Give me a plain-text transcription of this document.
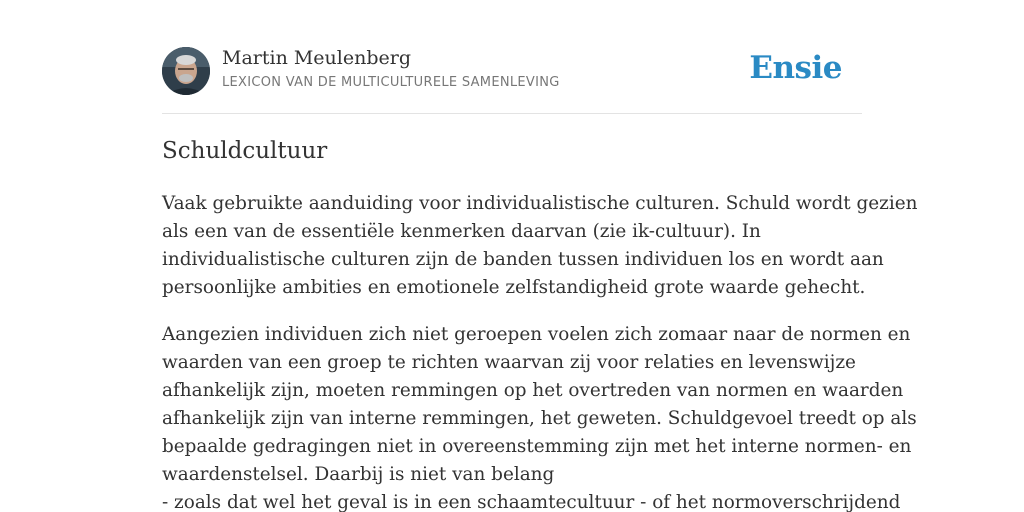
Martin Meulenberg
LEXICON VAN DE MULTICULTURELE SAMENLEVING	Ensie
Schuldcultuur

Vaak gebruikte aanduiding voor individualistische culturen. Schuld wordt gezien
als een van de essentiële kenmerken daarvan (zie ik-cultuur). In
individualistische culturen zijn de banden tussen individuen los en wordt aan
persoonlijke ambities en emotionele zelfstandigheid grote waarde gehecht.

Aangezien individuen zich niet geroepen voelen zich zomaar naar de normen en
waarden van een groep te richten waarvan zij voor relaties en levenswijze
afhankelijk zijn, moeten remmingen op het overtreden van normen en waarden
afhankelijk zijn van interne remmingen, het geweten. Schuldgevoel treedt op als
bepaalde gedragingen niet in overeenstemming zijn met het interne normen- en
waardenstelsel. Daarbij is niet van belang
- zoals dat wel het geval is in een schaamtecultuur - of het normoverschrijdend
